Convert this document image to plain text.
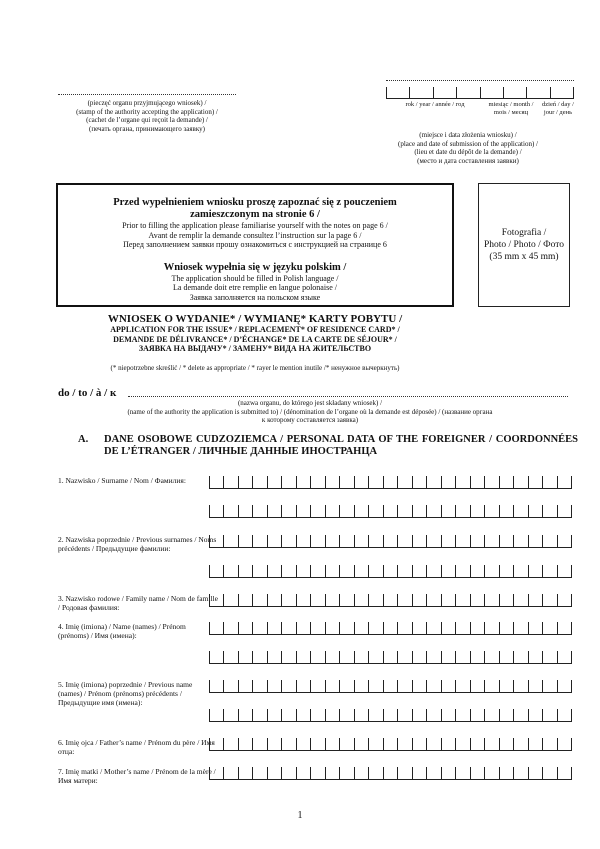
(pieczęć organu przyjmującego wniosek) /
(stamp of the authority accepting the application) /
(cachet de l’organe qui reçoit la demande) /
(печать органа, принимающего заявку)
rok / year / année / год	miesiąc / month / mois / месяц
dzień / day / jour / день
(miejsce i data złożenia wniosku) /
(place and date of submission of the application) /
(lieu et date du dépôt de la demande) /
(место и дата составления заявки)
Przed wypełnieniem wniosku proszę zapoznać się z pouczeniem
zamieszczonym na stronie 6 /
Prior to filling the application please familiarise yourself with the notes on page 6 /
Avant de remplir la demande consultez l’instruction sur la page 6 /
Перед заполнением заявки прошу ознакомиться с инструкцией на странице 6
Wniosek wypełnia się w języku polskim /
The application should be filled in Polish language /
La demande doit etre remplie en langue polonaise /
Заявка заполняется на польском языке
Fotografia /
Photo / Photo / Фото
(35 mm x 45 mm)
WNIOSEK O WYDANIE* / WYMIANĘ* KARTY POBYTU /
APPLICATION FOR THE ISSUE* / REPLACEMENT* OF RESIDENCE CARD* /
DEMANDE DE DÉLIVRANCE* / D’ÉCHANGE* DE LA CARTE DE SÉJOUR* /
ЗАЯВКА НА ВЫДАЧУ* / ЗАМЕНУ* ВИДА НА ЖИТЕЛЬСТВО
(* niepotrzebne skreślić / * delete as appropriate / * rayer le mention inutile /* ненужное вычеркнуть)
do / to / à / к
(nazwa organu, do którego jest składany wniosek) /
(name of the authority the application is submitted to) / (dénomination de l’organe où la demande est déposée) / (название органа
к которому составляется заявка)
A. DANE OSOBOWE CUDZOZIEMCA / PERSONAL DATA OF THE FOREIGNER / COORDONNÉES DE L’ÉTRANGER / ЛИЧНЫЕ ДАННЫЕ ИНОСТРАНЦА
1. Nazwisko / Surname / Nom / Фамилия:
2. Nazwiska poprzednie / Previous surnames / Noms précédents / Предыдущие фамилии:
3. Nazwisko rodowe / Family name / Nom de famille / Родовая фамилия:
4. Imię (imiona) / Name (names) / Prénom (prénoms) / Имя (имена):
5. Imię (imiona) poprzednie / Previous name (names) / Prénom (prénoms) précédents / Предыдущие имя (имена):
6. Imię ojca / Father’s name / Prénom du père / Имя отца:
7. Imię matki / Mother’s name / Prénom de la mère / Имя матери:
1
